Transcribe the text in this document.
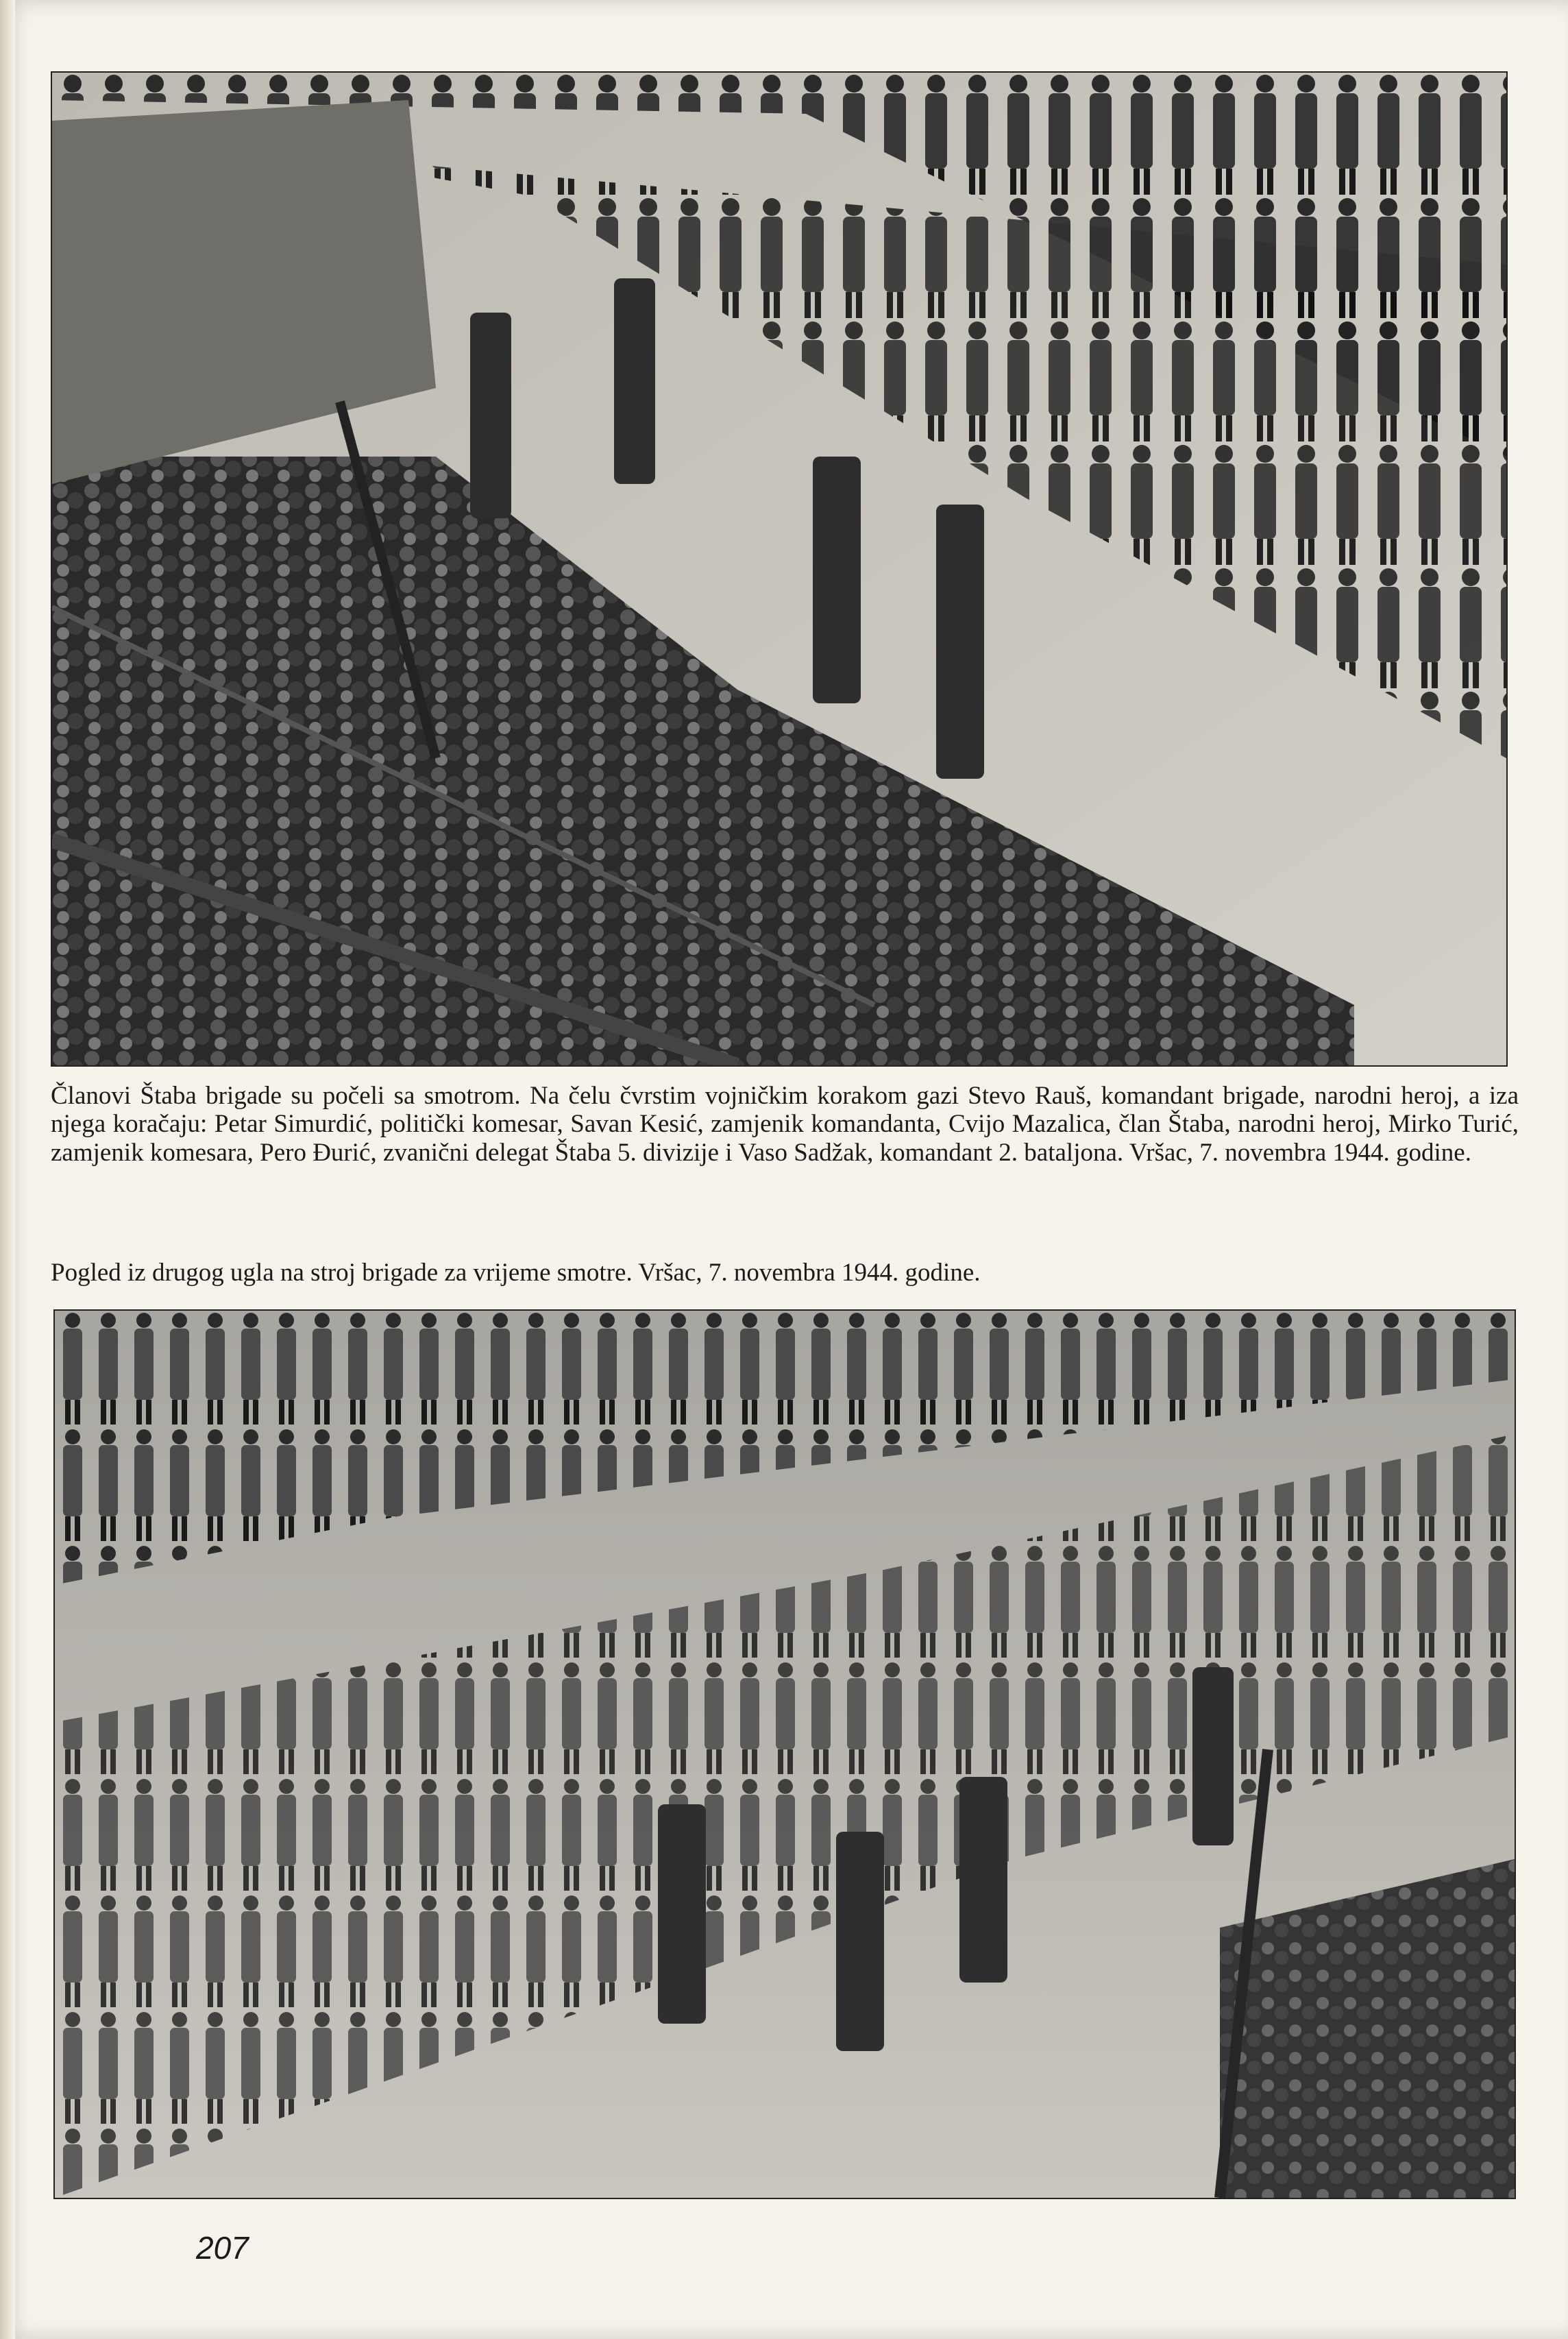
Članovi Štaba brigade su počeli sa smotrom. Na čelu čvrstim vojničkim korakom gazi Stevo Rauš, komandant brigade, narodni heroj, a iza njega koračaju: Petar Simurdić, politički komesar, Savan Kesić, zamjenik komandanta, Cvijo Mazalica, član Štaba, narodni heroj, Mirko Turić, zamjenik komesara, Pero Đurić, zvanični delegat Štaba 5. divizije i Vaso Sadžak, komandant 2. bataljona. Vršac, 7. novembra 1944. godine.

Pogled iz drugog ugla na stroj brigade za vrijeme smotre. Vršac, 7. novembra 1944. godine.

207
